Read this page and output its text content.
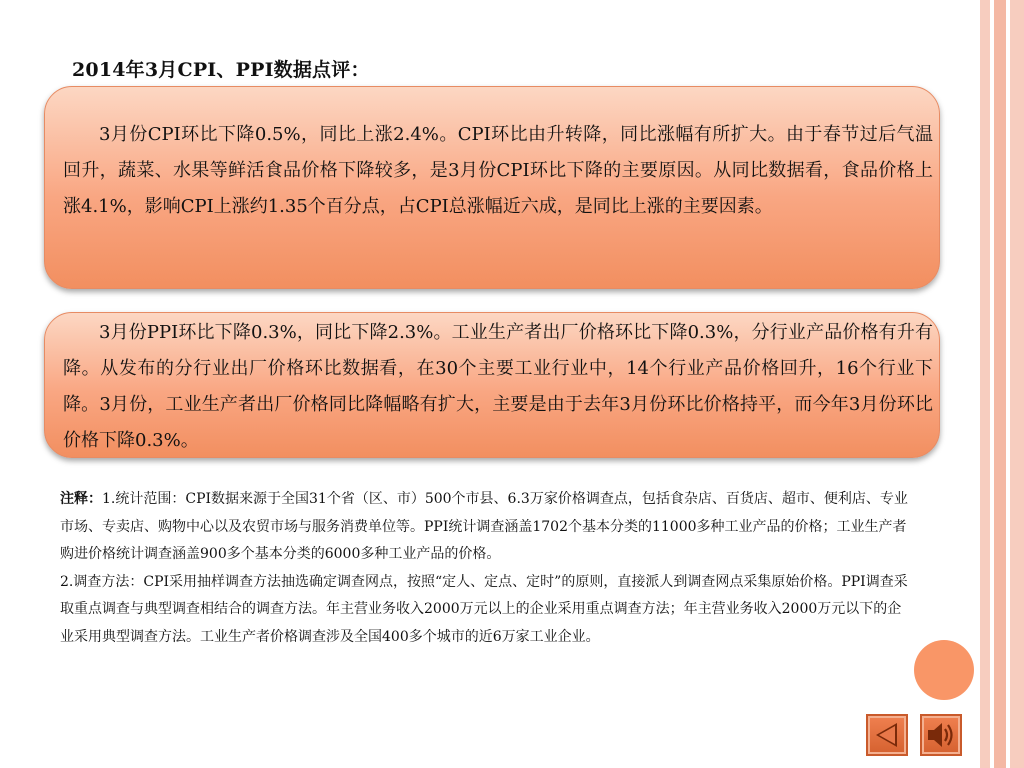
2014年3月CPI、PPI数据点评：

3月份CPI环比下降0.5%，同比上涨2.4%。CPI环比由升转降，同比涨幅有所扩大。由于春节过后气温回升，蔬菜、水果等鲜活食品价格下降较多，是3月份CPI环比下降的主要原因。从同比数据看，食品价格上涨4.1%，影响CPI上涨约1.35个百分点，占CPI总涨幅近六成，是同比上涨的主要因素。

3月份PPI环比下降0.3%，同比下降2.3%。工业生产者出厂价格环比下降0.3%，分行业产品价格有升有降。从发布的分行业出厂价格环比数据看，在30个主要工业行业中，14个行业产品价格回升，16个行业下降。3月份，工业生产者出厂价格同比降幅略有扩大，主要是由于去年3月份环比价格持平，而今年3月份环比价格下降0.3%。

注释：1.统计范围：CPI数据来源于全国31个省（区、市）500个市县、6.3万家价格调查点，包括食杂店、百货店、超市、便利店、专业市场、专卖店、购物中心以及农贸市场与服务消费单位等。PPI统计调查涵盖1702个基本分类的11000多种工业产品的价格；工业生产者购进价格统计调查涵盖900多个基本分类的6000多种工业产品的价格。

2.调查方法：CPI采用抽样调查方法抽选确定调查网点，按照“定人、定点、定时”的原则，直接派人到调查网点采集原始价格。PPI调查采取重点调查与典型调查相结合的调查方法。年主营业务收入2000万元以上的企业采用重点调查方法；年主营业务收入2000万元以下的企业采用典型调查方法。工业生产者价格调查涉及全国400多个城市的近6万家工业企业。
